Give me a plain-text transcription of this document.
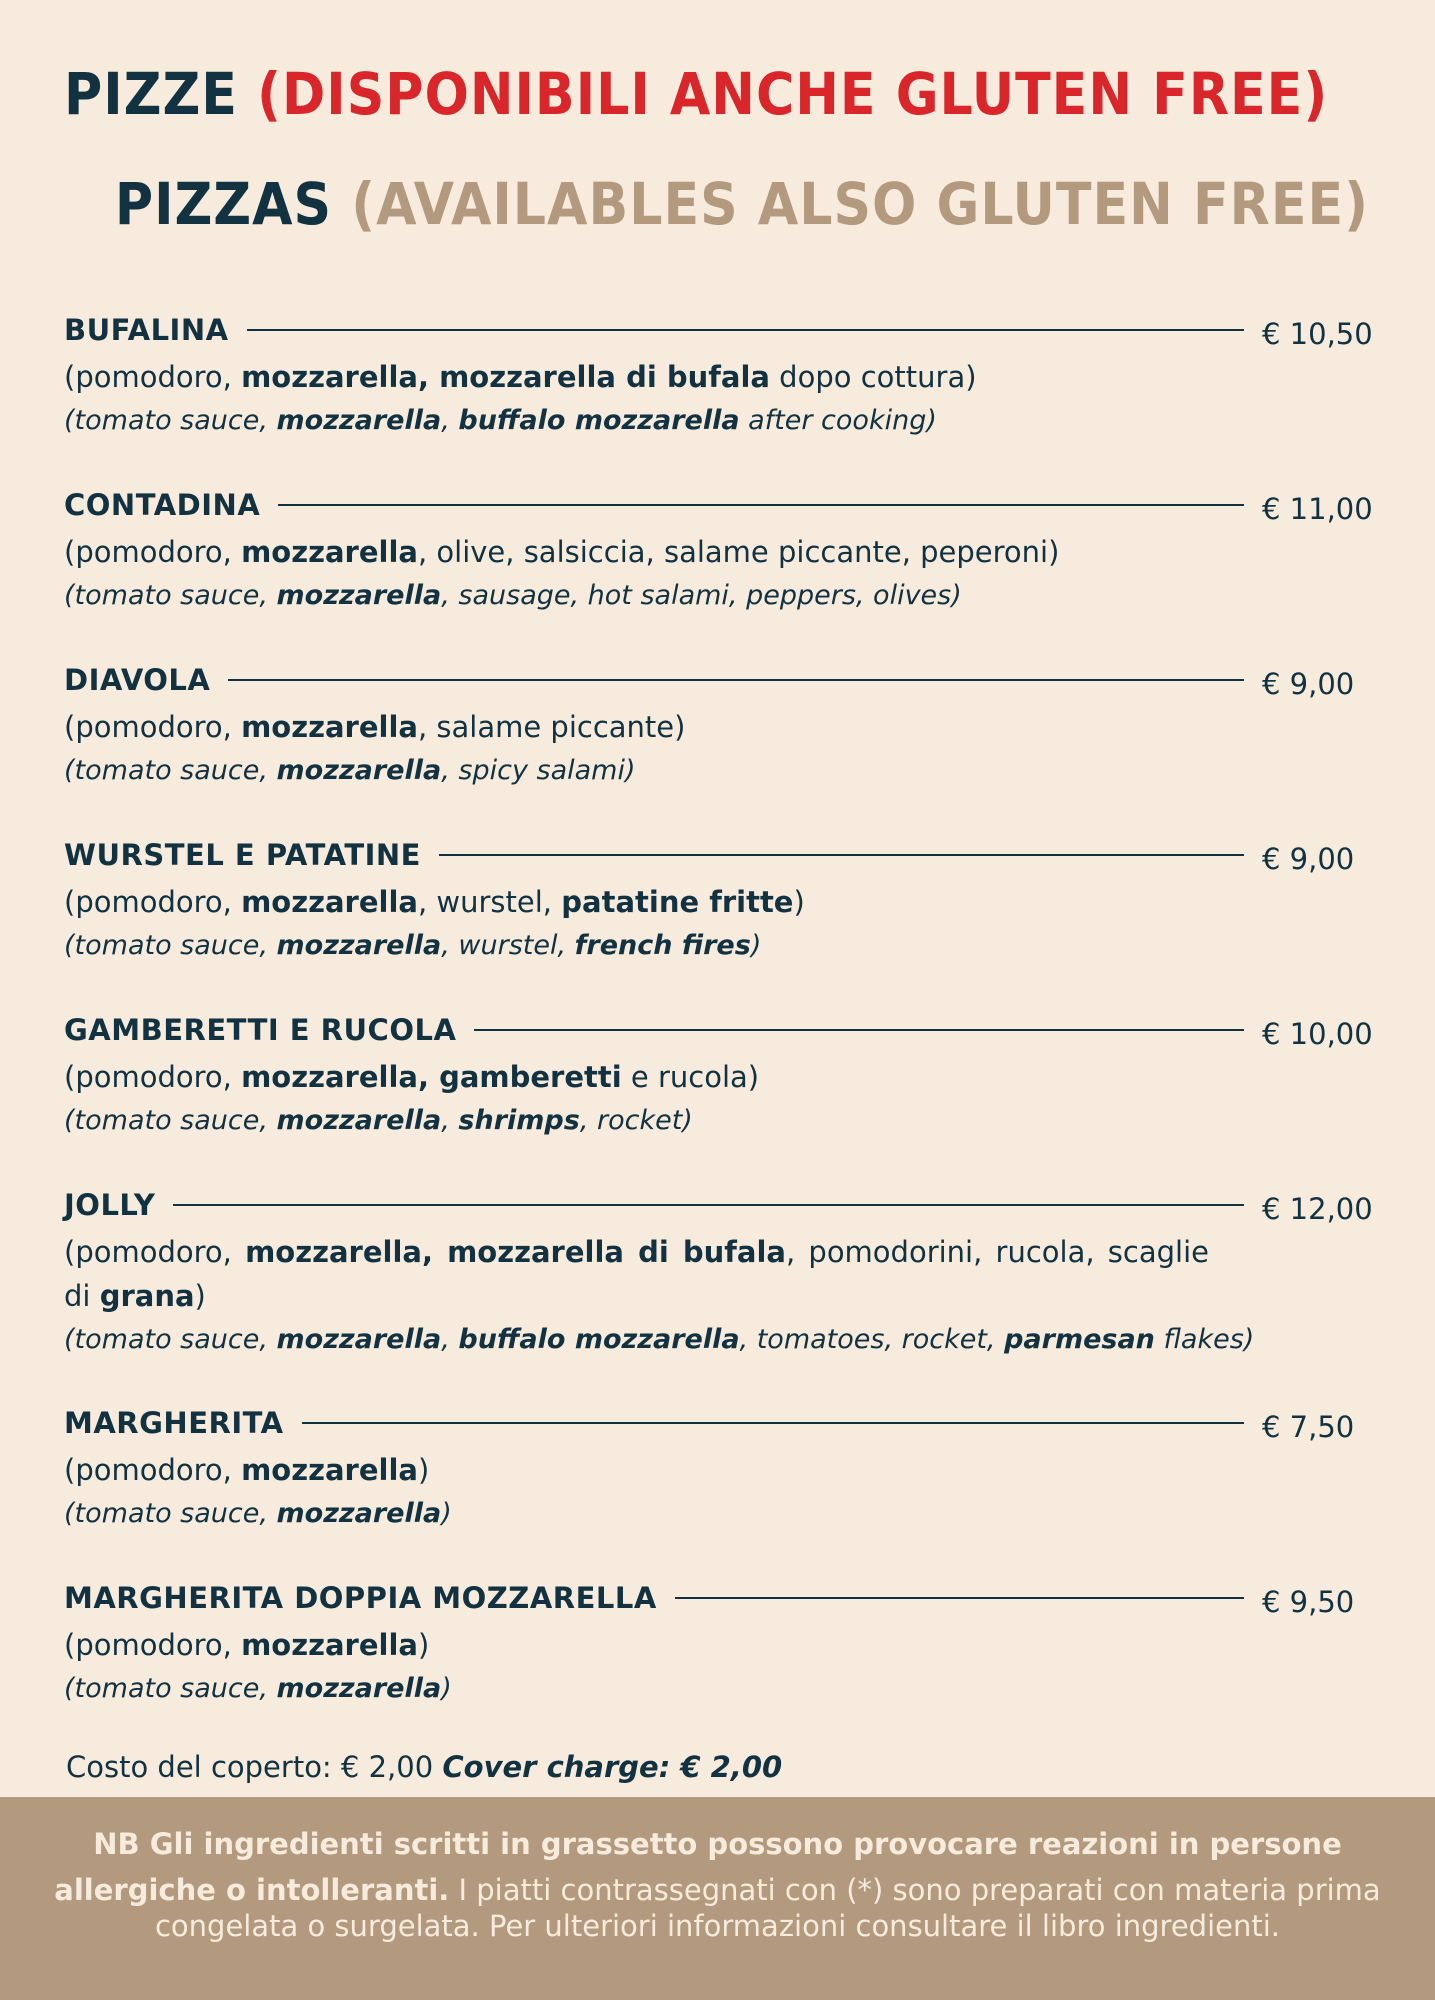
PIZZE (DISPONIBILI ANCHE GLUTEN FREE)
PIZZAS (AVAILABLES ALSO GLUTEN FREE)
BUFALINA	€ 10,50
(pomodoro, mozzarella, mozzarella di bufala dopo cottura)
(tomato sauce, mozzarella, buffalo mozzarella after cooking)
CONTADINA	€ 11,00
(pomodoro, mozzarella, olive, salsiccia, salame piccante, peperoni)
(tomato sauce, mozzarella, sausage, hot salami, peppers, olives)
DIAVOLA	€ 9,00
(pomodoro, mozzarella, salame piccante)
(tomato sauce, mozzarella, spicy salami)
WURSTEL E PATATINE	€ 9,00
(pomodoro, mozzarella, wurstel, patatine fritte)
(tomato sauce, mozzarella, wurstel, french fires)
GAMBERETTI E RUCOLA	€ 10,00
(pomodoro, mozzarella, gamberetti e rucola)
(tomato sauce, mozzarella, shrimps, rocket)
JOLLY	€ 12,00
(pomodoro, mozzarella, mozzarella di bufala, pomodorini, rucola, scaglie di grana)
(tomato sauce, mozzarella, buffalo mozzarella, tomatoes, rocket, parmesan flakes)
MARGHERITA	€ 7,50
(pomodoro, mozzarella)
(tomato sauce, mozzarella)
MARGHERITA DOPPIA MOZZARELLA	€ 9,50
(pomodoro, mozzarella)
(tomato sauce, mozzarella)
Costo del coperto: € 2,00 Cover charge: € 2,00
NB Gli ingredienti scritti in grassetto possono provocare reazioni in persone
allergiche o intolleranti. I piatti contrassegnati con (*) sono preparati con materia prima
congelata o surgelata. Per ulteriori informazioni consultare il libro ingredienti.
